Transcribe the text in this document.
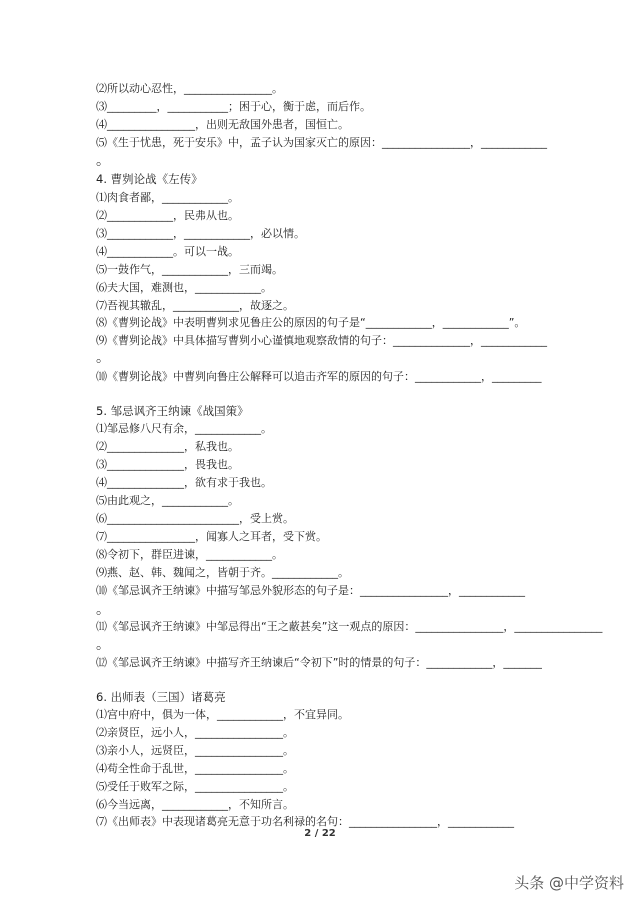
⑵所以动心忍性，________________。
⑶_________，___________；困于心，衡于虑，而后作。
⑷________________，出则无敌国外患者，国恒亡。
⑸《生于忧患，死于安乐》中，孟子认为国家灭亡的原因：________________，____________
。
4. 曹刿论战《左传》
⑴肉食者鄙，____________。
⑵____________，民弗从也。
⑶____________，____________，必以情。
⑷____________。可以一战。
⑸一鼓作气，____________，三而竭。
⑹夫大国，难测也，____________。
⑺吾视其辙乱，____________，故逐之。
⑻《曹刿论战》中表明曹刿求见鲁庄公的原因的句子是“____________，____________”。
⑼《曹刿论战》中具体描写曹刿小心谨慎地观察敌情的句子：______________，____________
。
⑽《曹刿论战》中曹刿向鲁庄公解释可以追击齐军的原因的句子：____________，_________
5. 邹忌讽齐王纳谏《战国策》
⑴邹忌修八尺有余，____________。
⑵______________，私我也。
⑶______________，畏我也。
⑷______________，欲有求于我也。
⑸由此观之，____________。
⑹________________________，受上赏。
⑺________________，闻寡人之耳者，受下赏。
⑻令初下，群臣进谏，____________。
⑼燕、赵、韩、魏闻之，皆朝于齐。____________。
⑽《邹忌讽齐王纳谏》中描写邹忌外貌形态的句子是：________________，____________
。
⑾《邹忌讽齐王纳谏》中邹忌得出“王之蔽甚矣”这一观点的原因：________________，________________
。
⑿《邹忌讽齐王纳谏》中描写齐王纳谏后“令初下”时的情景的句子：____________，_______
6. 出师表（三国）诸葛亮
⑴宫中府中，俱为一体，____________，不宜异同。
⑵亲贤臣，远小人，________________。
⑶亲小人，远贤臣，________________。
⑷苟全性命于乱世，________________。
⑸受任于败军之际，________________。
⑹今当远离，____________，不知所言。
⑺《出师表》中表现诸葛亮无意于功名利禄的名句：________________，____________
2 / 22
头条 @中学资料
